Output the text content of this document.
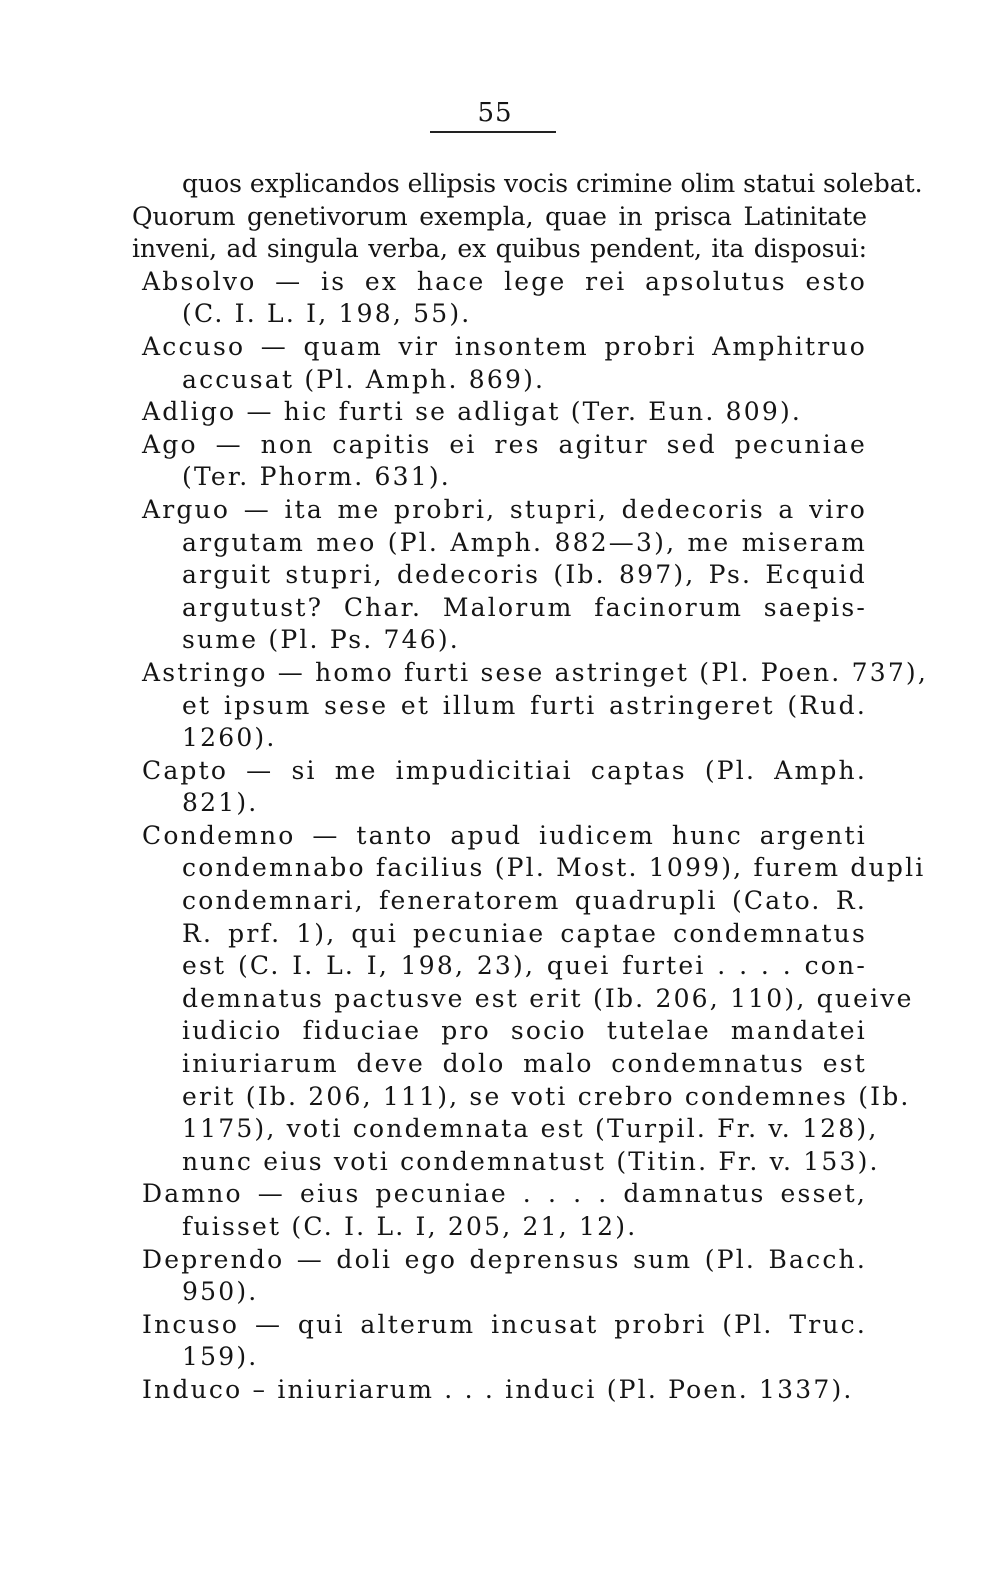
55
quos explicandos ellipsis vocis crimine olim statui solebat.
Quorum genetivorum exempla, quae in prisca Latinitate
inveni, ad singula verba, ex quibus pendent, ita disposui:
Absolvo — is ex hace lege rei apsolutus esto
(C. I. L. I, 198, 55).
Accuso — quam vir insontem probri Amphitruo
accusat (Pl. Amph. 869).
Adligo — hic furti se adligat (Ter. Eun. 809).
Ago — non capitis ei res agitur sed pecuniae
(Ter. Phorm. 631).
Arguo — ita me probri, stupri, dedecoris a viro
argutam meo (Pl. Amph. 882—3), me miseram
arguit stupri, dedecoris (Ib. 897), Ps. Ecquid
argutust? Char. Malorum facinorum saepis-
sume (Pl. Ps. 746).
Astringo — homo furti sese astringet (Pl. Poen. 737),
et ipsum sese et illum furti astringeret (Rud.
1260).
Capto — si me impudicitiai captas (Pl. Amph.
821).
Condemno — tanto apud iudicem hunc argenti
condemnabo facilius (Pl. Most. 1099), furem dupli
condemnari, feneratorem quadrupli (Cato. R.
R. prf. 1), qui pecuniae captae condemnatus
est (C. I. L. I, 198, 23), quei furtei . . . . con-
demnatus pactusve est erit (Ib. 206, 110), queive
iudicio fiduciae pro socio tutelae mandatei
iniuriarum deve dolo malo condemnatus est
erit (Ib. 206, 111), se voti crebro condemnes (Ib.
1175), voti condemnata est (Turpil. Fr. v. 128),
nunc eius voti condemnatust (Titin. Fr. v. 153).
Damno — eius pecuniae . . . . damnatus esset,
fuisset (C. I. L. I, 205, 21, 12).
Deprendo — doli ego deprensus sum (Pl. Bacch.
950).
Incuso — qui alterum incusat probri (Pl. Truc.
159).
Induco – iniuriarum . . . induci (Pl. Poen. 1337).
